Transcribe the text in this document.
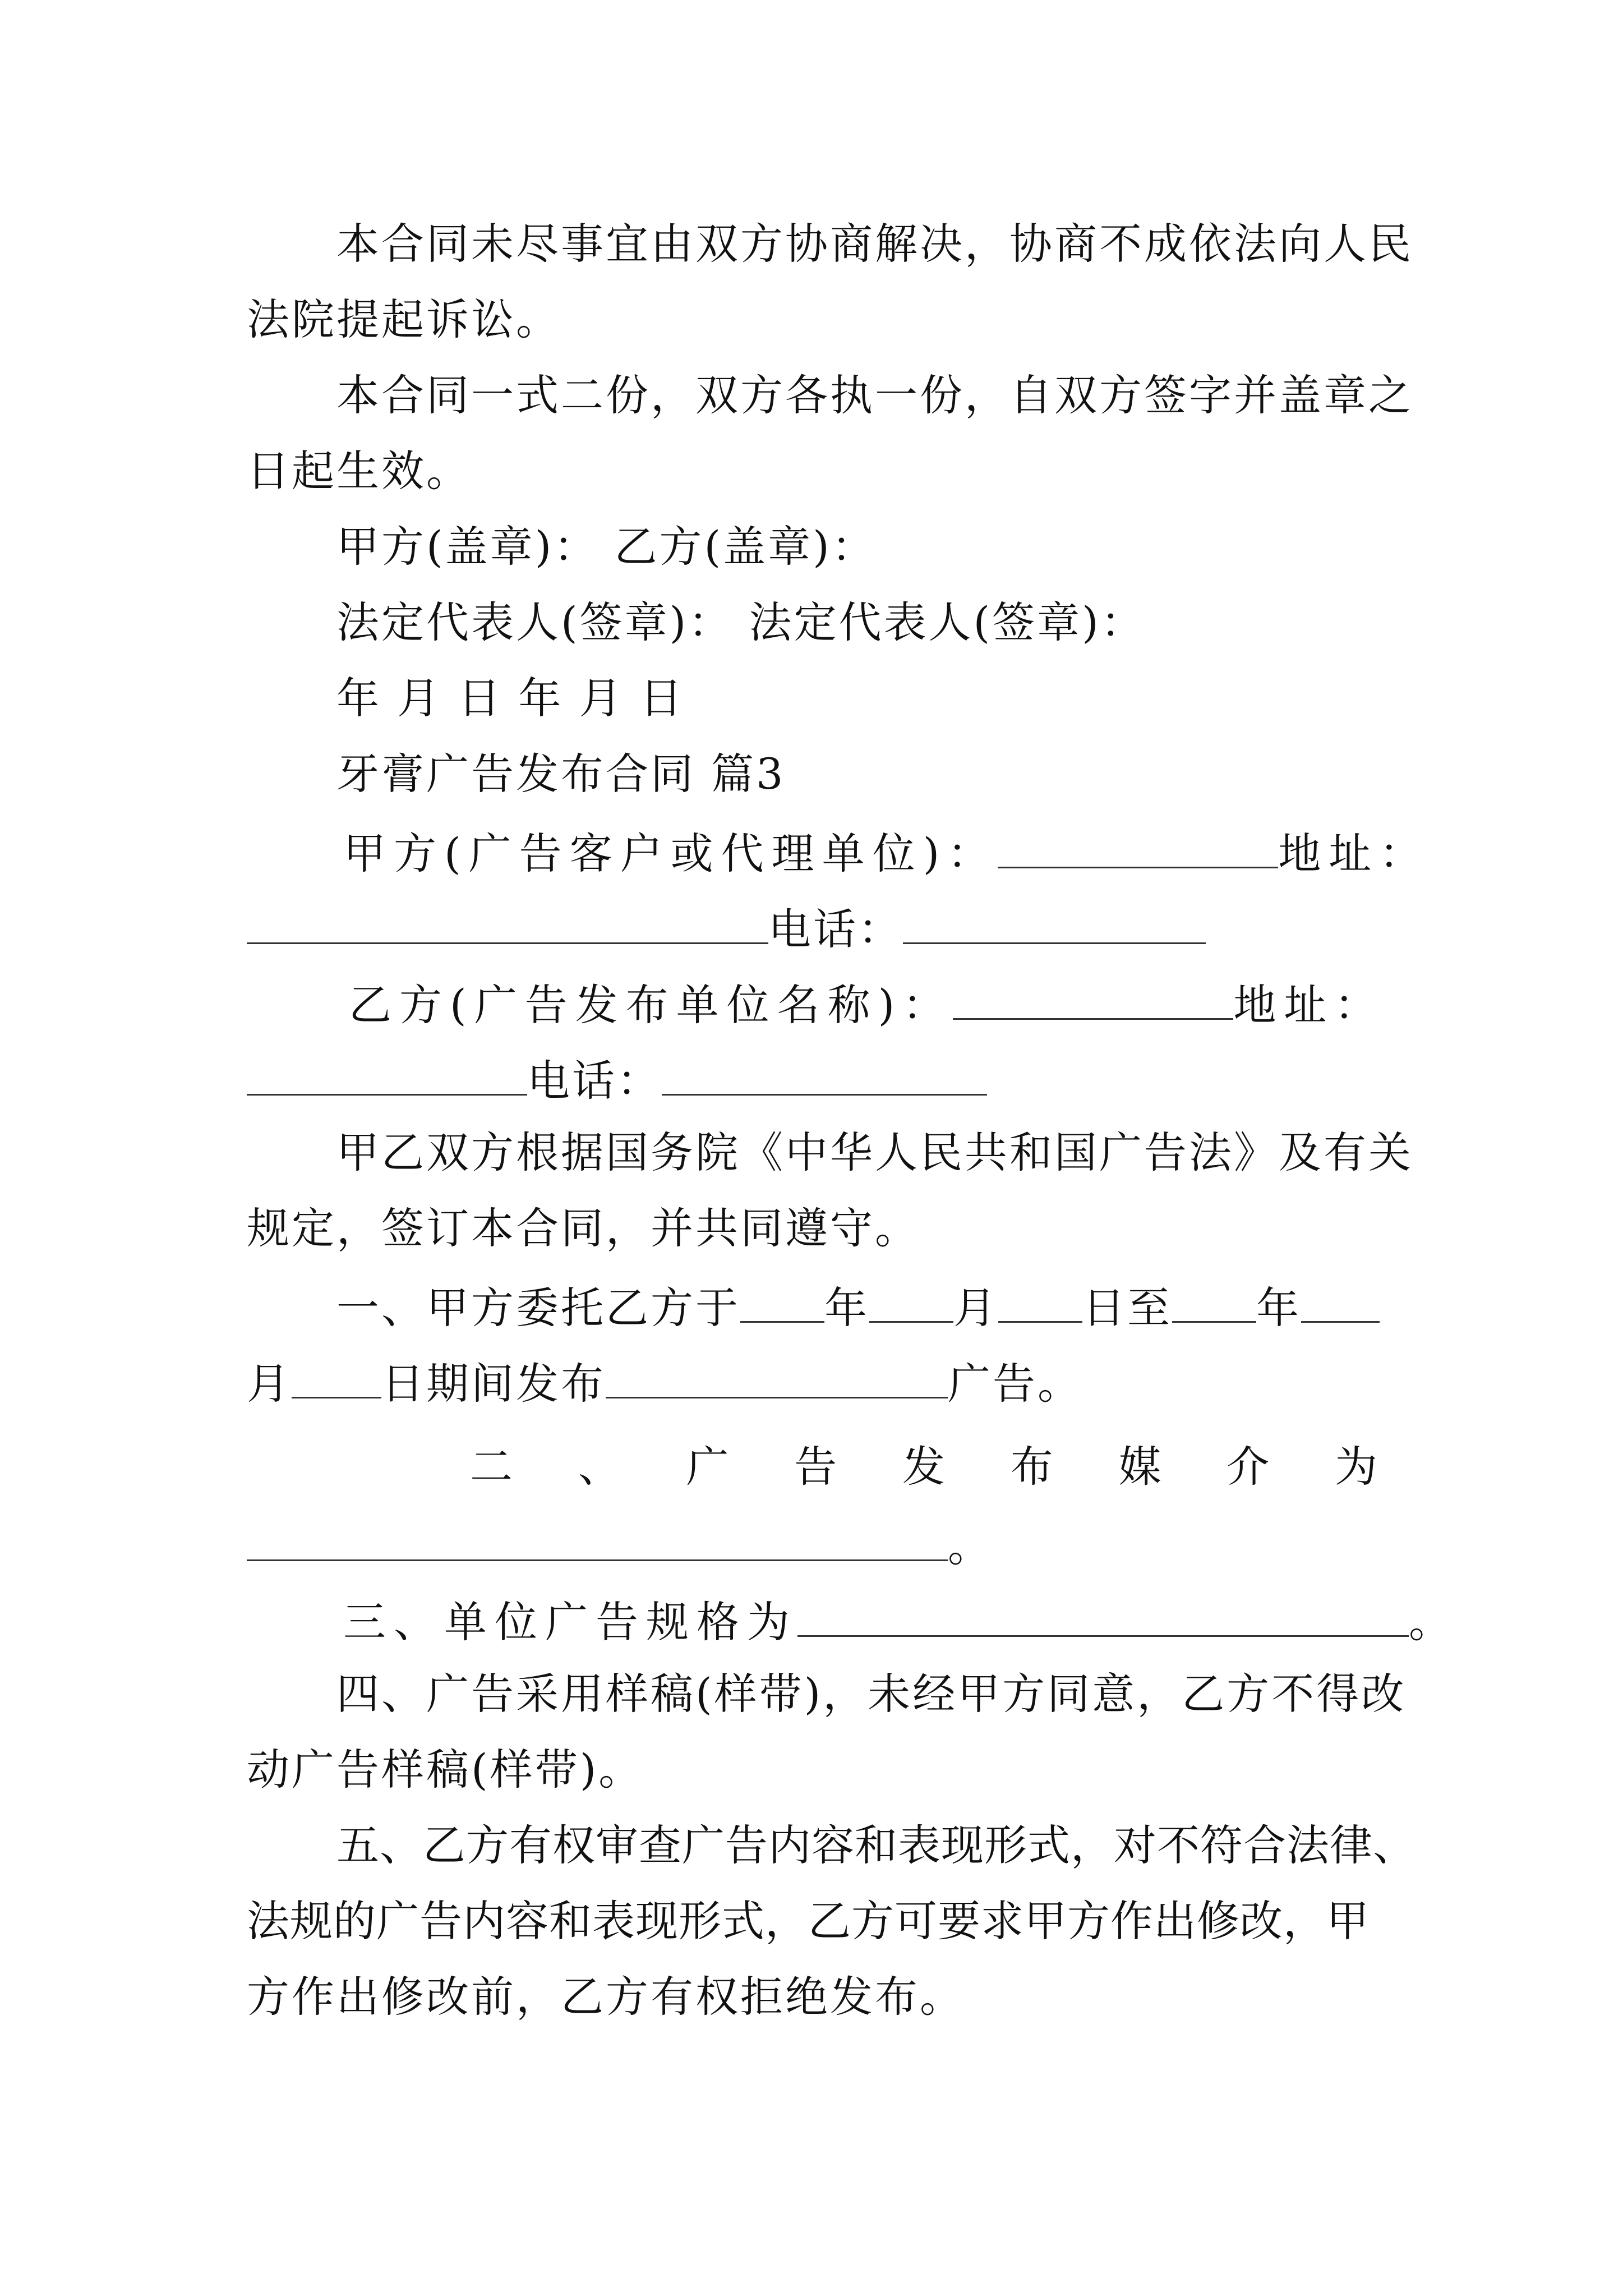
本合同未尽事宜由双方协商解决，协商不成依法向人民
法院提起诉讼。
本合同一式二份，双方各执一份，自双方签字并盖章之
日起生效。
甲方(盖章)： 乙方(盖章)：
法定代表人(签章)： 法定代表人(签章)：
年 月 日 年 月 日
牙膏广告发布合同 篇3
甲方(广告客户或代理单位)：	地址：
电话：
乙方(广告发布单位名称)：	地址：
电话：
甲乙双方根据国务院《中华人民共和国广告法》及有关
规定，签订本合同，并共同遵守。
一、甲方委托乙方于 年 月 日至 年
月 日期间发布	广告。
二 、 广 告 发 布 媒 介 为
。
三、单位广告规格为	。
四、广告采用样稿(样带)，未经甲方同意，乙方不得改
动广告样稿(样带)。
五、乙方有权审查广告内容和表现形式，对不符合法律、
法规的广告内容和表现形式，乙方可要求甲方作出修改，甲
方作出修改前，乙方有权拒绝发布。
